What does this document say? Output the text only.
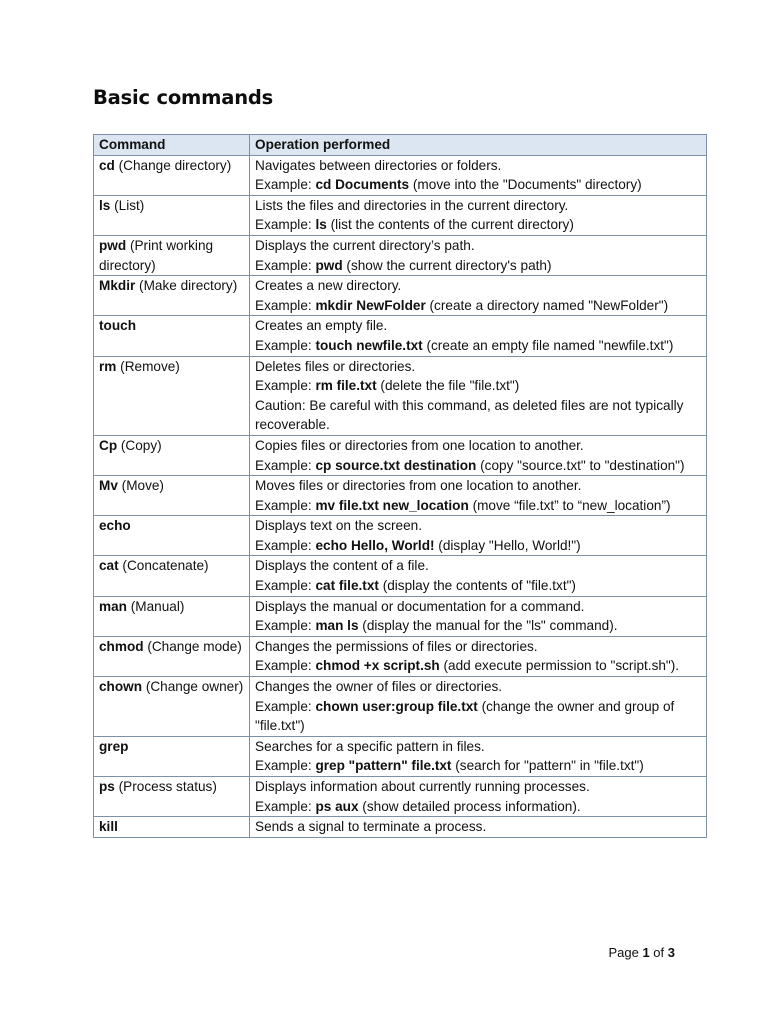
Basic commands
Command	Operation performed
cd (Change directory)	Navigates between directories or folders.
Example: cd Documents (move into the "Documents" directory)

ls (List)	Lists the files and directories in the current directory.
Example: ls (list the contents of the current directory)

pwd (Print working directory)	Displays the current directory’s path.
Example: pwd (show the current directory's path)

Mkdir (Make directory)	Creates a new directory.
Example: mkdir NewFolder (create a directory named "NewFolder")

touch	Creates an empty file.
Example: touch newfile.txt (create an empty file named "newfile.txt")

rm (Remove)	Deletes files or directories.
Example: rm file.txt (delete the file "file.txt")
Caution: Be careful with this command, as deleted files are not typically recoverable.

Cp (Copy)	Copies files or directories from one location to another.
Example: cp source.txt destination (copy "source.txt" to "destination")

Mv (Move)	Moves files or directories from one location to another.
Example: mv file.txt new_location (move “file.txt” to “new_location”)

echo	Displays text on the screen.
Example: echo Hello, World! (display "Hello, World!")

cat (Concatenate)	Displays the content of a file.
Example: cat file.txt (display the contents of "file.txt")

man (Manual)	Displays the manual or documentation for a command.
Example: man ls (display the manual for the "ls" command).

chmod (Change mode)	Changes the permissions of files or directories.
Example: chmod +x script.sh (add execute permission to "script.sh").

chown (Change owner)	Changes the owner of files or directories.
Example: chown user:group file.txt (change the owner and group of "file.txt")

grep	Searches for a specific pattern in files.
Example: grep "pattern" file.txt (search for "pattern" in "file.txt")

ps (Process status)	Displays information about currently running processes.
Example: ps aux (show detailed process information).

kill	Sends a signal to terminate a process.
Page 1 of 3
